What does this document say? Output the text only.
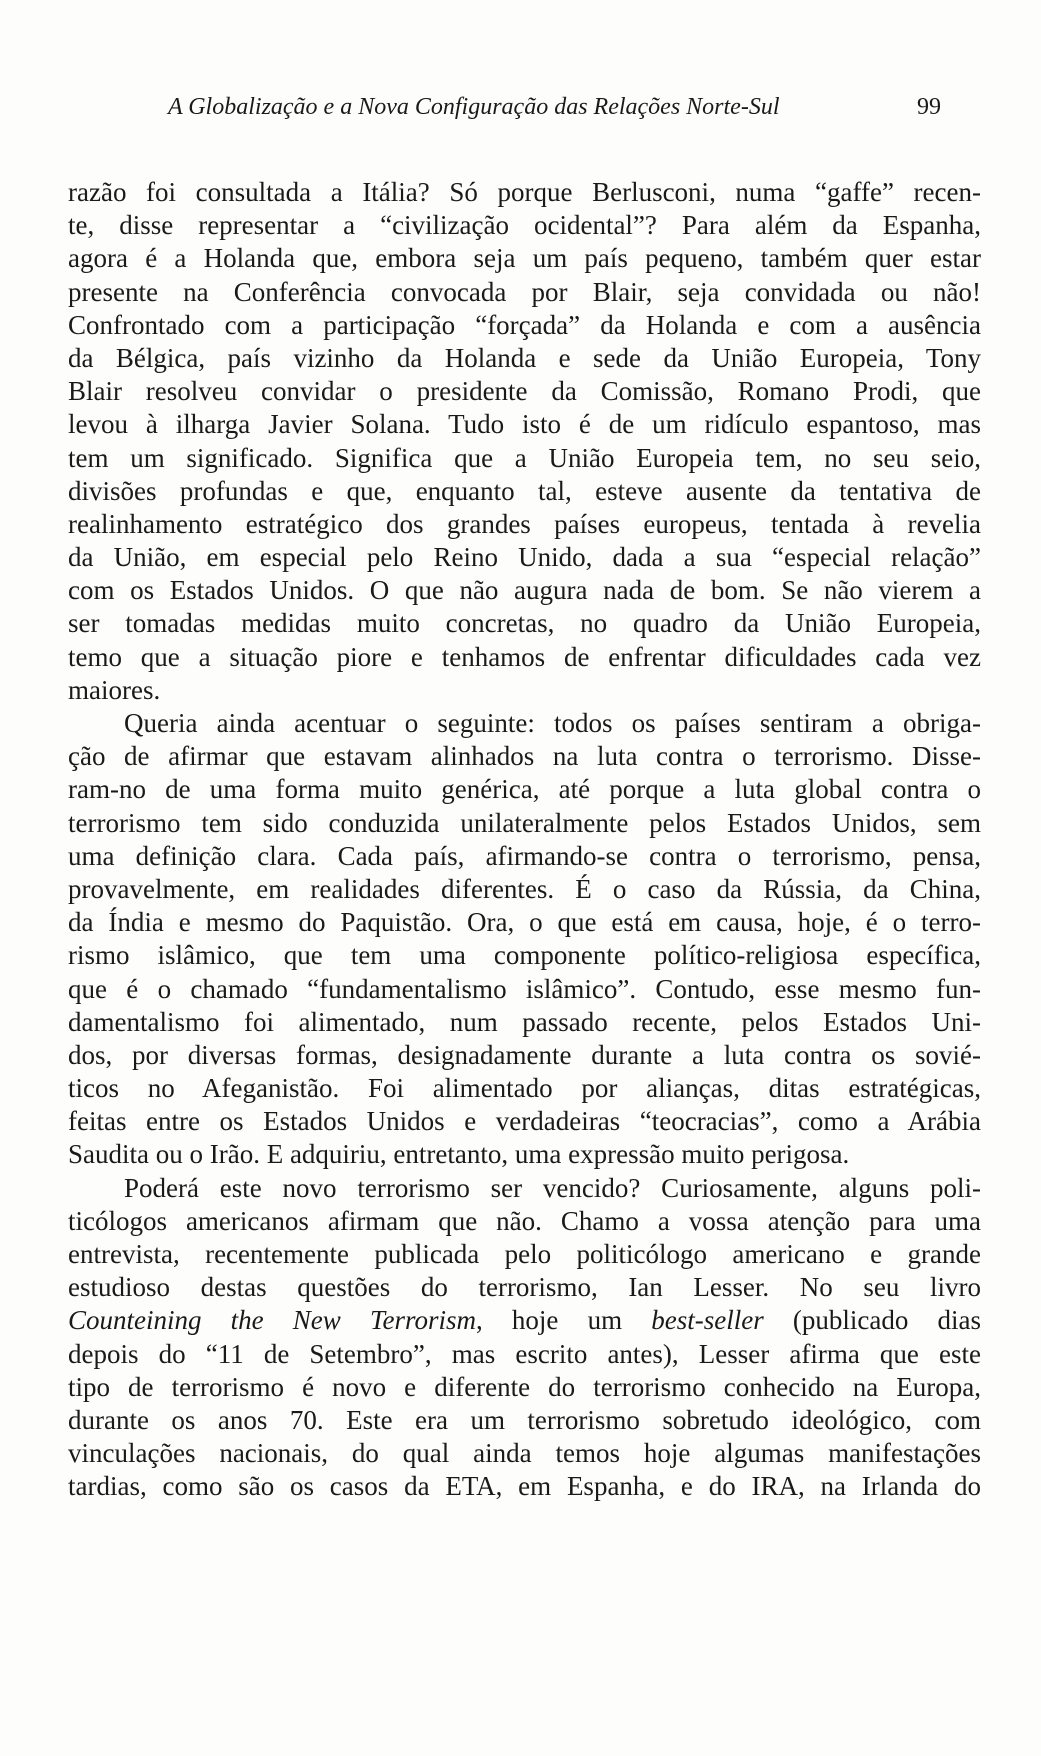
A Globalização e a Nova Configuração das Relações Norte-Sul	99
razão foi consultada a Itália? Só porque Berlusconi, numa “gaffe” recen-
te, disse representar a “civilização ocidental”? Para além da Espanha,
agora é a Holanda que, embora seja um país pequeno, também quer estar
presente na Conferência convocada por Blair, seja convidada ou não!
Confrontado com a participação “forçada” da Holanda e com a ausência
da Bélgica, país vizinho da Holanda e sede da União Europeia, Tony
Blair resolveu convidar o presidente da Comissão, Romano Prodi, que
levou à ilharga Javier Solana. Tudo isto é de um ridículo espantoso, mas
tem um significado. Significa que a União Europeia tem, no seu seio,
divisões profundas e que, enquanto tal, esteve ausente da tentativa de
realinhamento estratégico dos grandes países europeus, tentada à revelia
da União, em especial pelo Reino Unido, dada a sua “especial relação”
com os Estados Unidos. O que não augura nada de bom. Se não vierem a
ser tomadas medidas muito concretas, no quadro da União Europeia,
temo que a situação piore e tenhamos de enfrentar dificuldades cada vez
maiores.
Queria ainda acentuar o seguinte: todos os países sentiram a obriga-
ção de afirmar que estavam alinhados na luta contra o terrorismo. Disse-
ram-no de uma forma muito genérica, até porque a luta global contra o
terrorismo tem sido conduzida unilateralmente pelos Estados Unidos, sem
uma definição clara. Cada país, afirmando-se contra o terrorismo, pensa,
provavelmente, em realidades diferentes. É o caso da Rússia, da China,
da Índia e mesmo do Paquistão. Ora, o que está em causa, hoje, é o terro-
rismo islâmico, que tem uma componente político-religiosa específica,
que é o chamado “fundamentalismo islâmico”. Contudo, esse mesmo fun-
damentalismo foi alimentado, num passado recente, pelos Estados Uni-
dos, por diversas formas, designadamente durante a luta contra os sovié-
ticos no Afeganistão. Foi alimentado por alianças, ditas estratégicas,
feitas entre os Estados Unidos e verdadeiras “teocracias”, como a Arábia
Saudita ou o Irão. E adquiriu, entretanto, uma expressão muito perigosa.
Poderá este novo terrorismo ser vencido? Curiosamente, alguns poli-
ticólogos americanos afirmam que não. Chamo a vossa atenção para uma
entrevista, recentemente publicada pelo politicólogo americano e grande
estudioso destas questões do terrorismo, Ian Lesser. No seu livro
Counteining the New Terrorism, hoje um best-seller (publicado dias
depois do “11 de Setembro”, mas escrito antes), Lesser afirma que este
tipo de terrorismo é novo e diferente do terrorismo conhecido na Europa,
durante os anos 70. Este era um terrorismo sobretudo ideológico, com
vinculações nacionais, do qual ainda temos hoje algumas manifestações
tardias, como são os casos da ETA, em Espanha, e do IRA, na Irlanda do
